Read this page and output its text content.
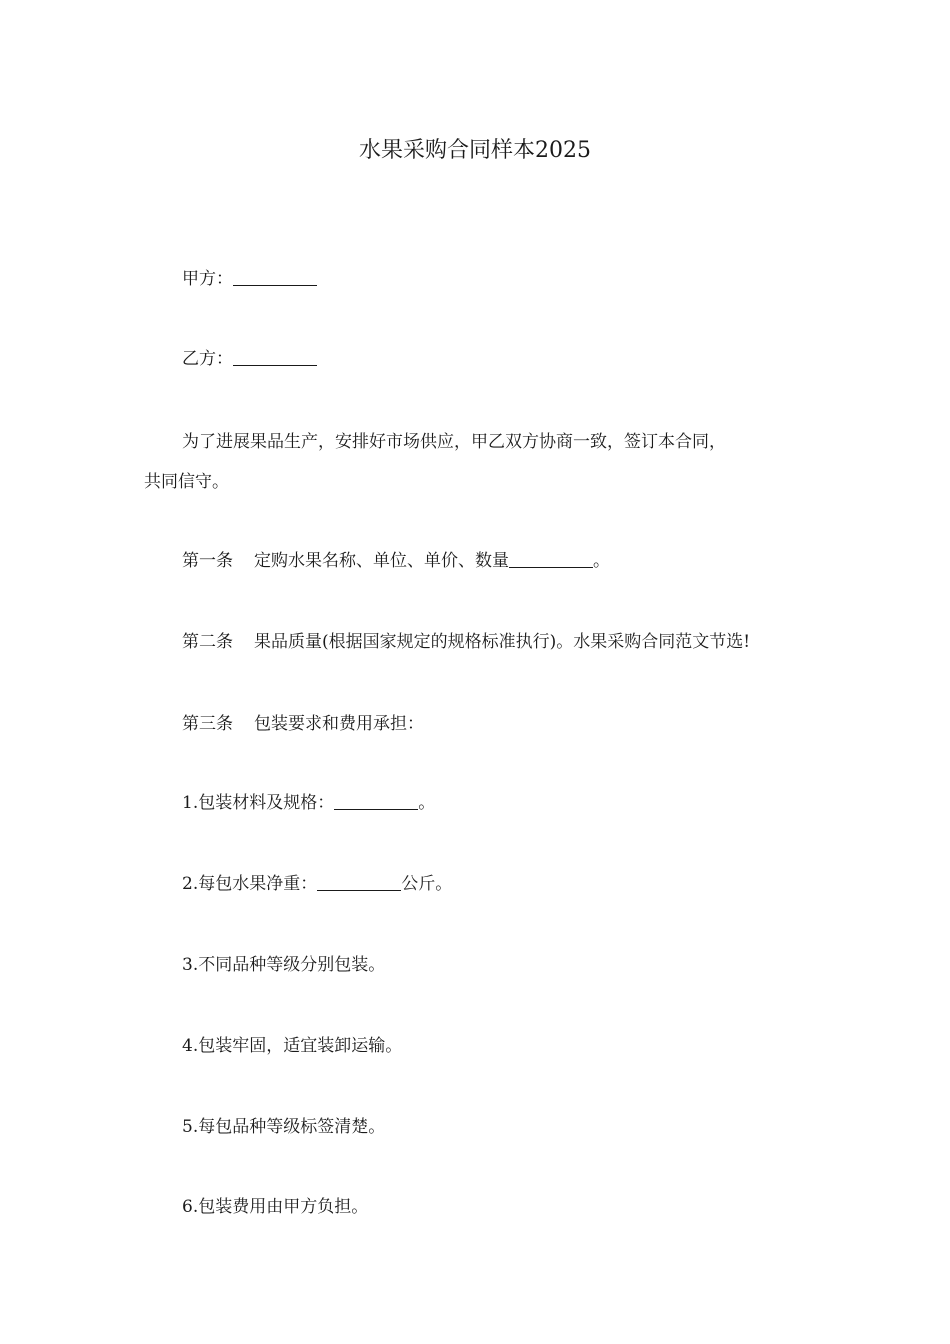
水果采购合同样本2025

甲方：

乙方：

为了进展果品生产，安排好市场供应，甲乙双方协商一致，签订本合同，

共同信守。

第一条 定购水果名称、单位、单价、数量	。

第二条 果品质量(根据国家规定的规格标准执行)。水果采购合同范文节选!

第三条 包装要求和费用承担：

1.包装材料及规格：	。

2.每包水果净重：	公斤。

3.不同品种等级分别包装。

4.包装牢固，适宜装卸运输。

5.每包品种等级标签清楚。

6.包装费用由甲方负担。
